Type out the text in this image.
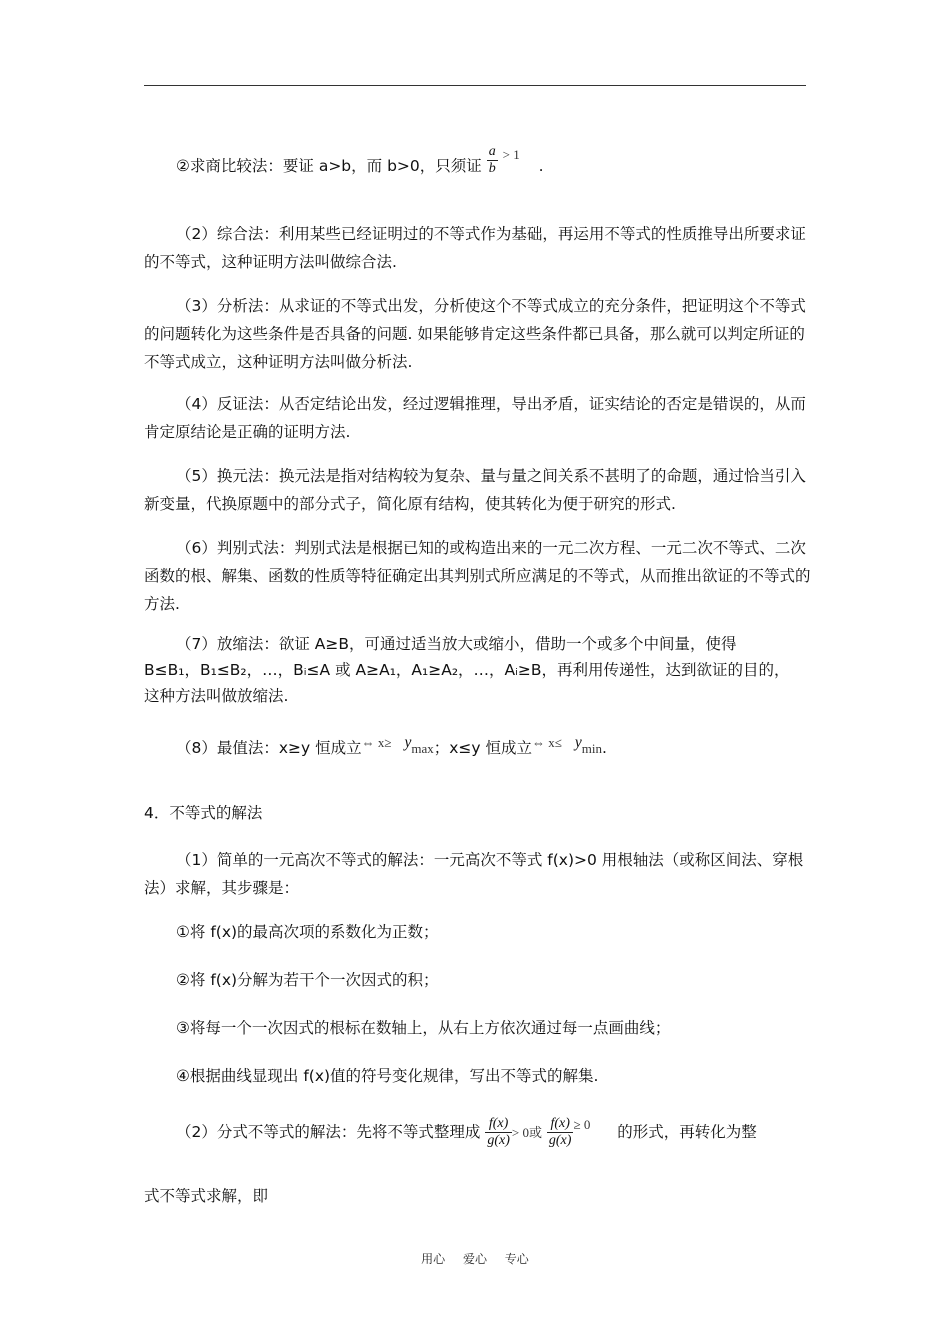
②求商比较法：要证 a>b，而 b>0，只须证 $\frac{a}{b} ^{> 1}$ .

（2）综合法：利用某些已经证明过的不等式作为基础，再运用不等式的性质推导出所要求证的不等式，这种证明方法叫做综合法.

（3）分析法：从求证的不等式出发，分析使这个不等式成立的充分条件，把证明这个不等式的问题转化为这些条件是否具备的问题. 如果能够肯定这些条件都已具备，那么就可以判定所证的不等式成立，这种证明方法叫做分析法.

（4）反证法：从否定结论出发，经过逻辑推理，导出矛盾，证实结论的否定是错误的，从而肯定原结论是正确的证明方法.

（5）换元法：换元法是指对结构较为复杂、量与量之间关系不甚明了的命题，通过恰当引入新变量，代换原题中的部分式子，简化原有结构，使其转化为便于研究的形式.

（6）判别式法：判别式法是根据已知的或构造出来的一元二次方程、一元二次不等式、二次函数的根、解集、函数的性质等特征确定出其判别式所应满足的不等式，从而推出欲证的不等式的方法.

（7）放缩法：欲证 A≥B，可通过适当放大或缩小，借助一个或多个中间量，使得
B≤B₁，B₁≤B₂，…，Bᵢ≤A 或 A≥A₁，A₁≥A₂，…，Aᵢ≥B，再利用传递性，达到欲证的目的，
这种方法叫做放缩法.
（8）最值法：x≥y 恒成立$^{\Leftrightarrow x\ge}$ $y_{max}$；x≤y 恒成立$^{\Leftrightarrow x\le}$ $y_{min}$.
4．不等式的解法

（1）简单的一元高次不等式的解法：一元高次不等式 f(x)>0 用根轴法（或称区间法、穿根法）求解，其步骤是：

①将 f(x)的最高次项的系数化为正数；
②将 f(x)分解为若干个一次因式的积；
③将每一个一次因式的根标在数轴上，从右上方依次通过每一点画曲线；
④根据曲线显现出 f(x)值的符号变化规律，写出不等式的解集.
（2）分式不等式的解法：先将不等式整理成 $\frac{f(x)}{g(x)} > 0$或 $\frac{f(x)}{g(x)} ^{\ge 0}$ 的形式，再转化为整
式不等式求解，即
用心 爱心 专心
